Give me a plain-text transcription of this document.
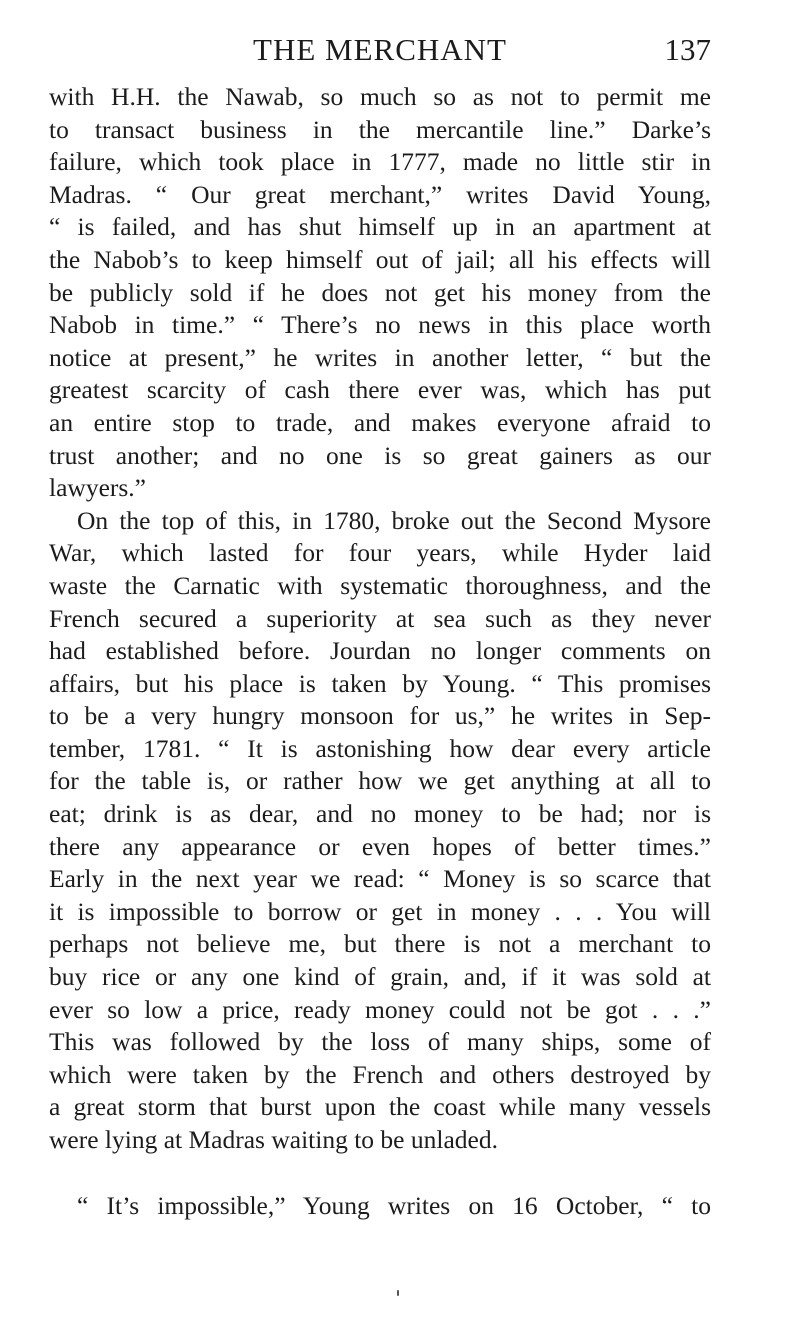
THE MERCHANT	137
with H.H. the Nawab, so much so as not to permit me
to transact business in the mercantile line.” Darke’s
failure, which took place in 1777, made no little stir in
Madras. “ Our great merchant,” writes David Young,
“ is failed, and has shut himself up in an apartment at
the Nabob’s to keep himself out of jail; all his effects will
be publicly sold if he does not get his money from the
Nabob in time.” “ There’s no news in this place worth
notice at present,” he writes in another letter, “ but the
greatest scarcity of cash there ever was, which has put
an entire stop to trade, and makes everyone afraid to
trust another; and no one is so great gainers as our
lawyers.”
On the top of this, in 1780, broke out the Second Mysore
War, which lasted for four years, while Hyder laid
waste the Carnatic with systematic thoroughness, and the
French secured a superiority at sea such as they never
had established before. Jourdan no longer comments on
affairs, but his place is taken by Young. “ This promises
to be a very hungry monsoon for us,” he writes in Sep-
tember, 1781. “ It is astonishing how dear every article
for the table is, or rather how we get anything at all to
eat; drink is as dear, and no money to be had; nor is
there any appearance or even hopes of better times.”
Early in the next year we read: “ Money is so scarce that
it is impossible to borrow or get in money . . . You will
perhaps not believe me, but there is not a merchant to
buy rice or any one kind of grain, and, if it was sold at
ever so low a price, ready money could not be got . . .”
This was followed by the loss of many ships, some of
which were taken by the French and others destroyed by
a great storm that burst upon the coast while many vessels
were lying at Madras waiting to be unladed.
“ It’s impossible,” Young writes on 16 October, “ to
